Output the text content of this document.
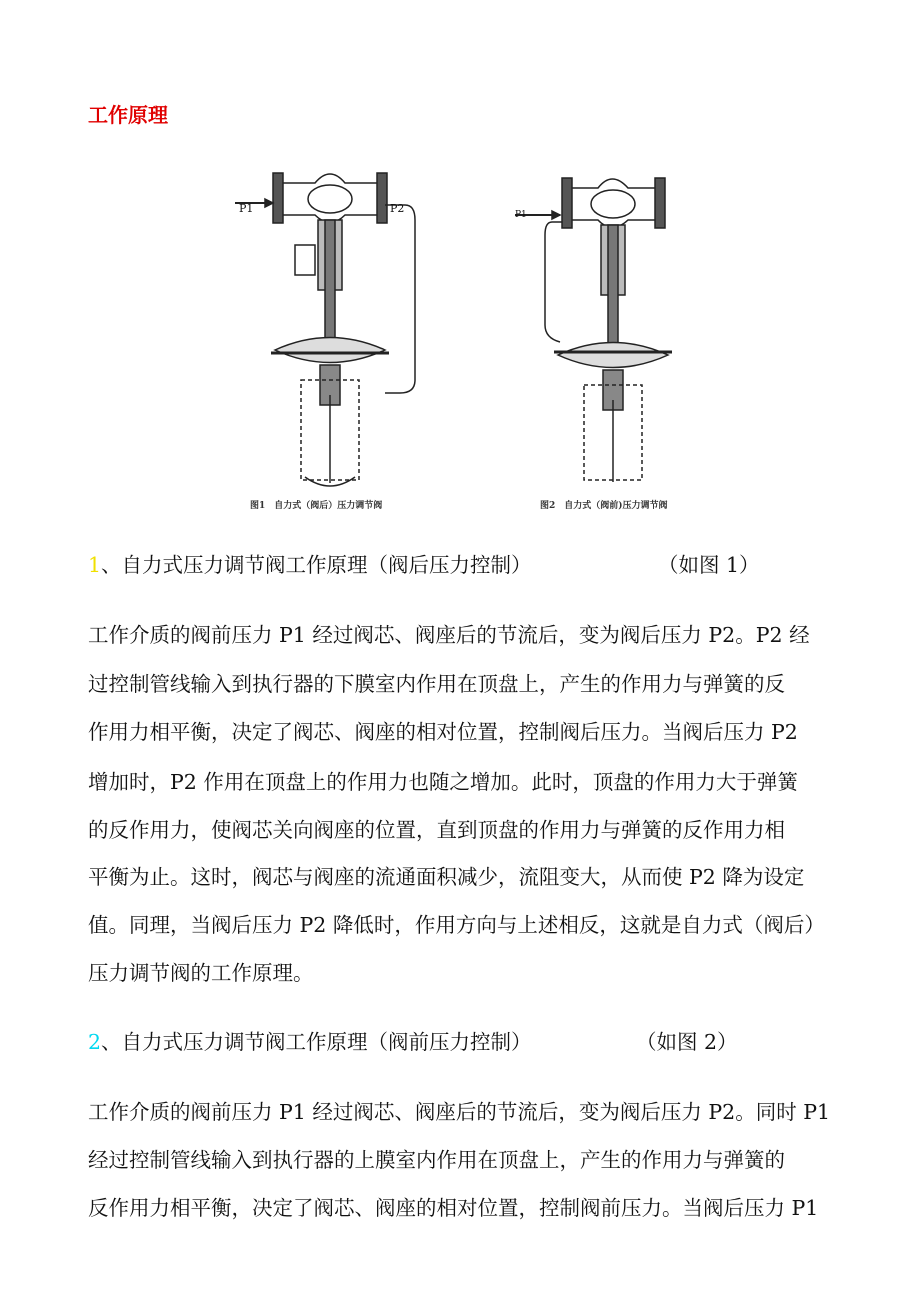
工作原理
P1	P2
图1　自力式（阀后）压力调节阀
P1
图2　自力式（阀前)压力调节阀
1、自力式压力调节阀工作原理（阀后压力控制）	（如图 1）
工作介质的阀前压力 P1 经过阀芯、阀座后的节流后，变为阀后压力 P2。P2 经
过控制管线输入到执行器的下膜室内作用在顶盘上，产生的作用力与弹簧的反
作用力相平衡，决定了阀芯、阀座的相对位置，控制阀后压力。当阀后压力 P2
增加时，P2 作用在顶盘上的作用力也随之增加。此时，顶盘的作用力大于弹簧
的反作用力，使阀芯关向阀座的位置，直到顶盘的作用力与弹簧的反作用力相
平衡为止。这时，阀芯与阀座的流通面积减少，流阻变大，从而使 P2 降为设定
值。同理，当阀后压力 P2 降低时，作用方向与上述相反，这就是自力式（阀后）
压力调节阀的工作原理。
2、自力式压力调节阀工作原理（阀前压力控制）	（如图 2）
工作介质的阀前压力 P1 经过阀芯、阀座后的节流后，变为阀后压力 P2。同时 P1
经过控制管线输入到执行器的上膜室内作用在顶盘上，产生的作用力与弹簧的
反作用力相平衡，决定了阀芯、阀座的相对位置，控制阀前压力。当阀后压力 P1
